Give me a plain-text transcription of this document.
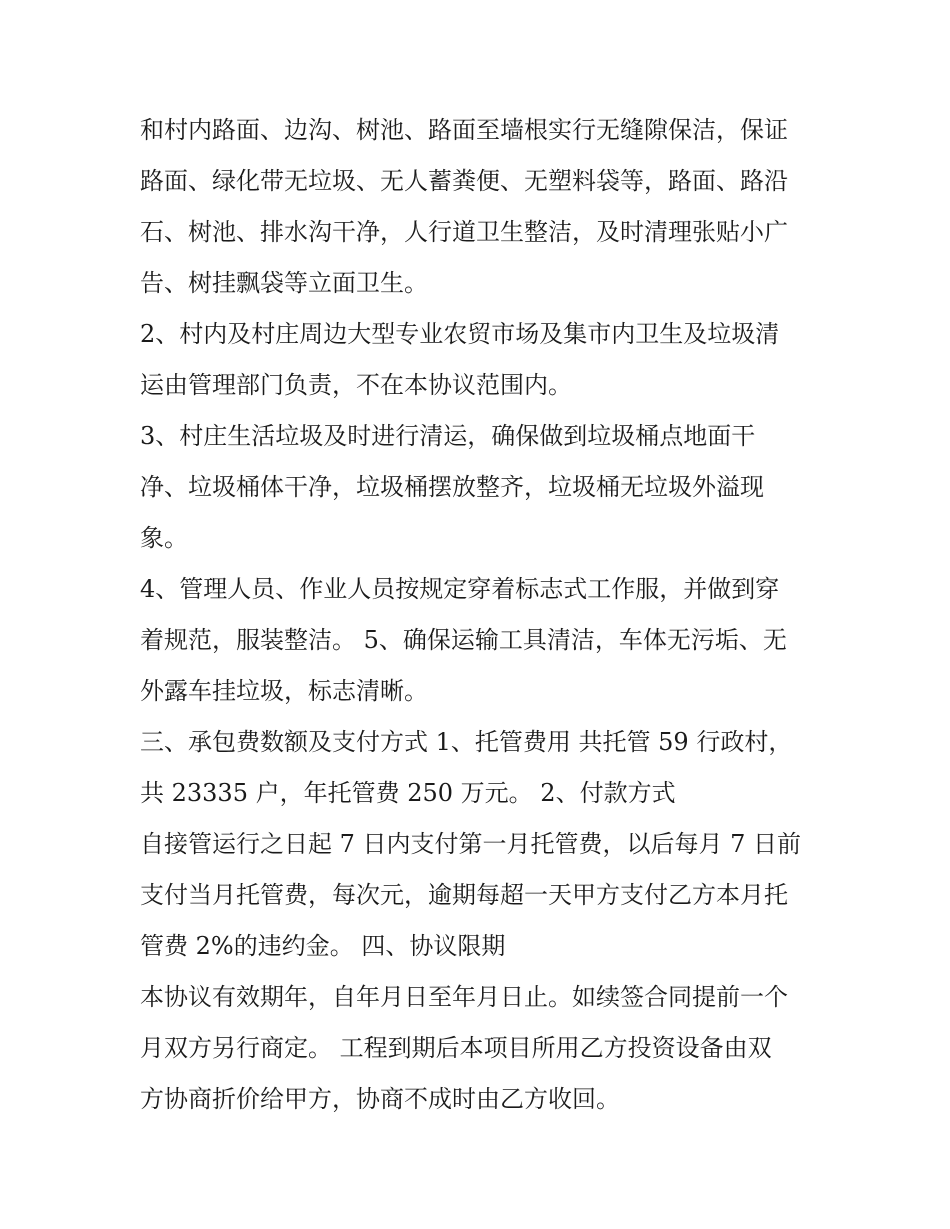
和村内路面、边沟、树池、路面至墙根实行无缝隙保洁，保证
路面、绿化带无垃圾、无人蓄粪便、无塑料袋等，路面、路沿
石、树池、排水沟干净，人行道卫生整洁，及时清理张贴小广
告、树挂飘袋等立面卫生。
2、村内及村庄周边大型专业农贸市场及集市内卫生及垃圾清
运由管理部门负责，不在本协议范围内。
3、村庄生活垃圾及时进行清运，确保做到垃圾桶点地面干
净、垃圾桶体干净，垃圾桶摆放整齐，垃圾桶无垃圾外溢现
象。
4、管理人员、作业人员按规定穿着标志式工作服，并做到穿
着规范，服装整洁。 5、确保运输工具清洁，车体无污垢、无
外露车挂垃圾，标志清晰。
三、承包费数额及支付方式 1、托管费用 共托管 59 行政村，
共 23335 户，年托管费 250 万元。 2、付款方式
自接管运行之日起 7 日内支付第一月托管费，以后每月 7 日前
支付当月托管费，每次元，逾期每超一天甲方支付乙方本月托
管费 2%的违约金。 四、协议限期
本协议有效期年，自年月日至年月日止。如续签合同提前一个
月双方另行商定。 工程到期后本项目所用乙方投资设备由双
方协商折价给甲方，协商不成时由乙方收回。
